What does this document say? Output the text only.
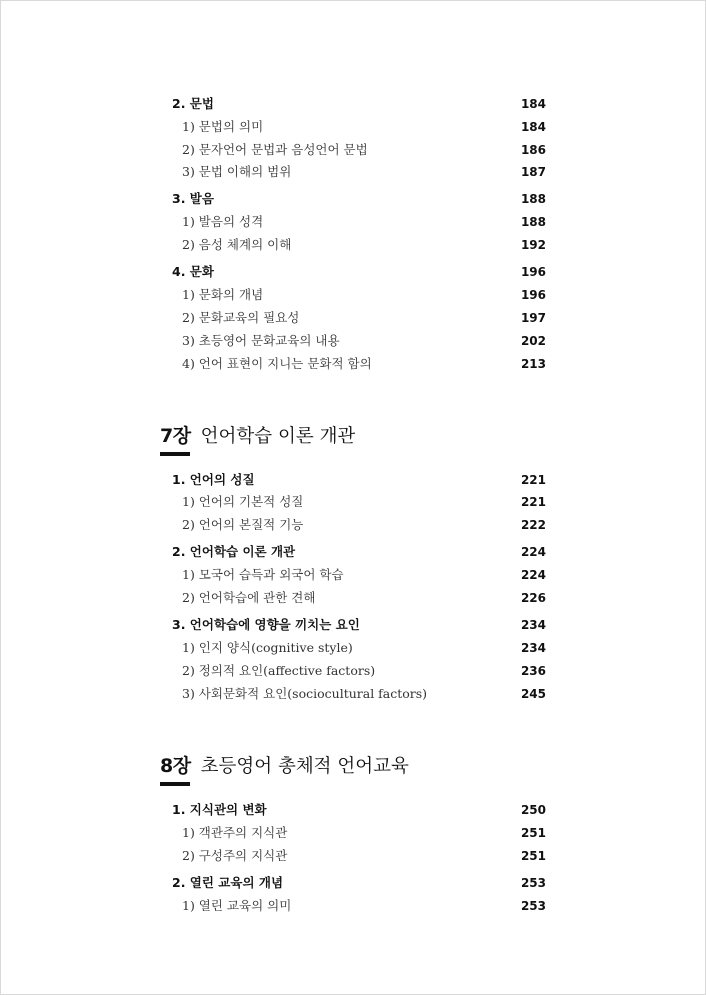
2. 문법	184
1) 문법의 의미	184
2) 문자언어 문법과 음성언어 문법	186
3) 문법 이해의 범위	187
3. 발음	188
1) 발음의 성격	188
2) 음성 체계의 이해	192
4. 문화	196
1) 문화의 개념	196
2) 문화교육의 필요성	197
3) 초등영어 문화교육의 내용	202
4) 언어 표현이 지니는 문화적 함의	213
7장 언어학습 이론 개관
1. 언어의 성질	221
1) 언어의 기본적 성질	221
2) 언어의 본질적 기능	222
2. 언어학습 이론 개관	224
1) 모국어 습득과 외국어 학습	224
2) 언어학습에 관한 견해	226
3. 언어학습에 영향을 끼치는 요인	234
1) 인지 양식(cognitive style)	234
2) 정의적 요인(affective factors)	236
3) 사회문화적 요인(sociocultural factors)	245
8장 초등영어 총체적 언어교육
1. 지식관의 변화	250
1) 객관주의 지식관	251
2) 구성주의 지식관	251
2. 열린 교육의 개념	253
1) 열린 교육의 의미	253
